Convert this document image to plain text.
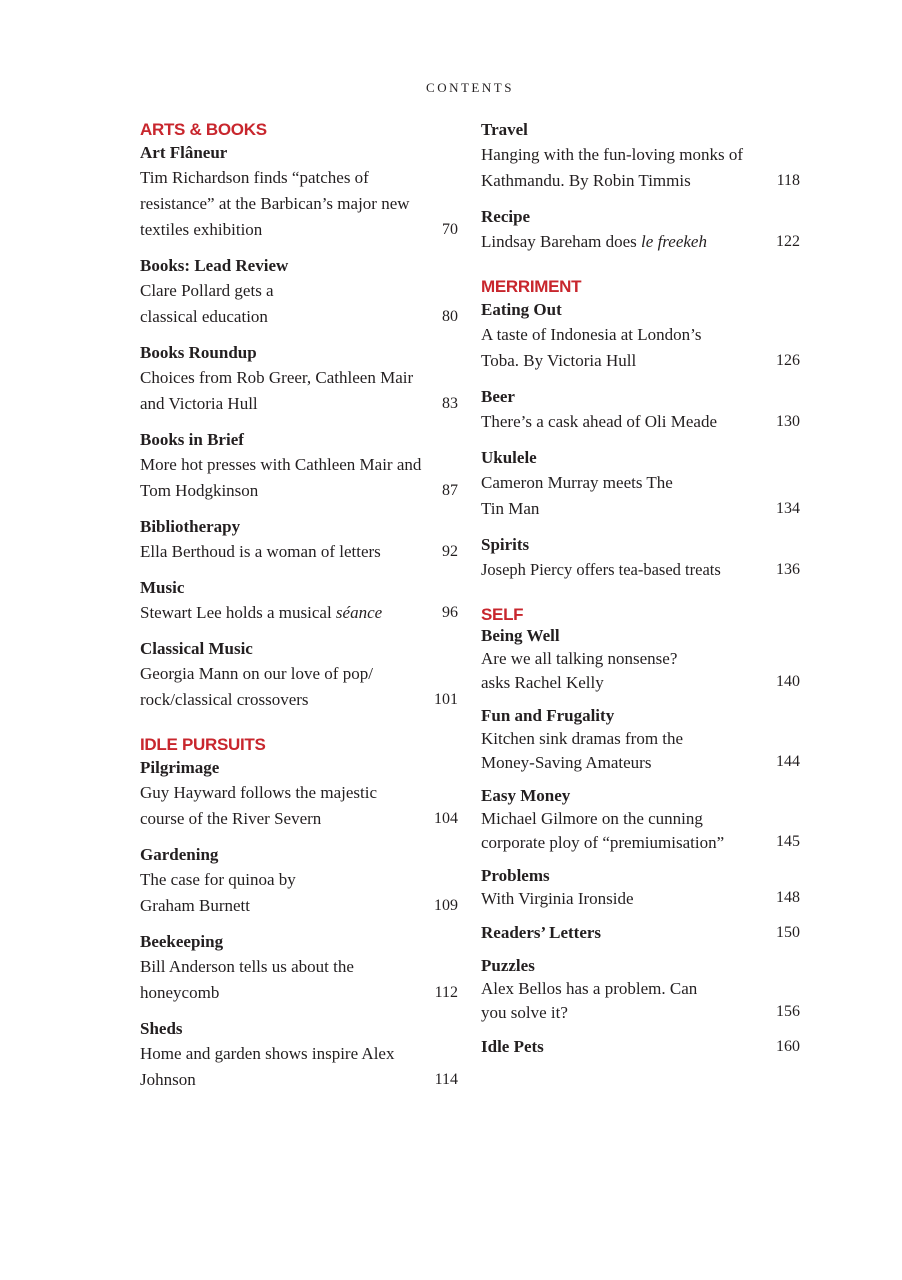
CONTENTS
ARTS & BOOKS
Art Flâneur
Tim Richardson finds “patches of resistance” at the Barbican’s major new textiles exhibition	70
Books: Lead Review
Clare Pollard gets a classical education	80
Books Roundup
Choices from Rob Greer, Cathleen Mair and Victoria Hull	83
Books in Brief
More hot presses with Cathleen Mair and Tom Hodgkinson	87
Bibliotherapy
Ella Berthoud is a woman of letters	92
Music
Stewart Lee holds a musical séance	96
Classical Music
Georgia Mann on our love of pop/ rock/classical crossovers	101
IDLE PURSUITS
Pilgrimage
Guy Hayward follows the majestic course of the River Severn	104
Gardening
The case for quinoa by Graham Burnett	109
Beekeeping
Bill Anderson tells us about the honeycomb	112
Sheds
Home and garden shows inspire Alex Johnson	114
Travel
Hanging with the fun-loving monks of Kathmandu. By Robin Timmis	118
Recipe
Lindsay Bareham does le freekeh	122
MERRIMENT
Eating Out
A taste of Indonesia at London’s Toba. By Victoria Hull	126
Beer
There’s a cask ahead of Oli Meade	130
Ukulele
Cameron Murray meets The Tin Man	134
Spirits
Joseph Piercy offers tea-based treats	136
SELF
Being Well
Are we all talking nonsense? asks Rachel Kelly	140
Fun and Frugality
Kitchen sink dramas from the Money-Saving Amateurs	144
Easy Money
Michael Gilmore on the cunning corporate ploy of “premiumisation”	145
Problems
With Virginia Ironside	148
Readers’ Letters	150
Puzzles
Alex Bellos has a problem. Can you solve it?	156
Idle Pets	160
